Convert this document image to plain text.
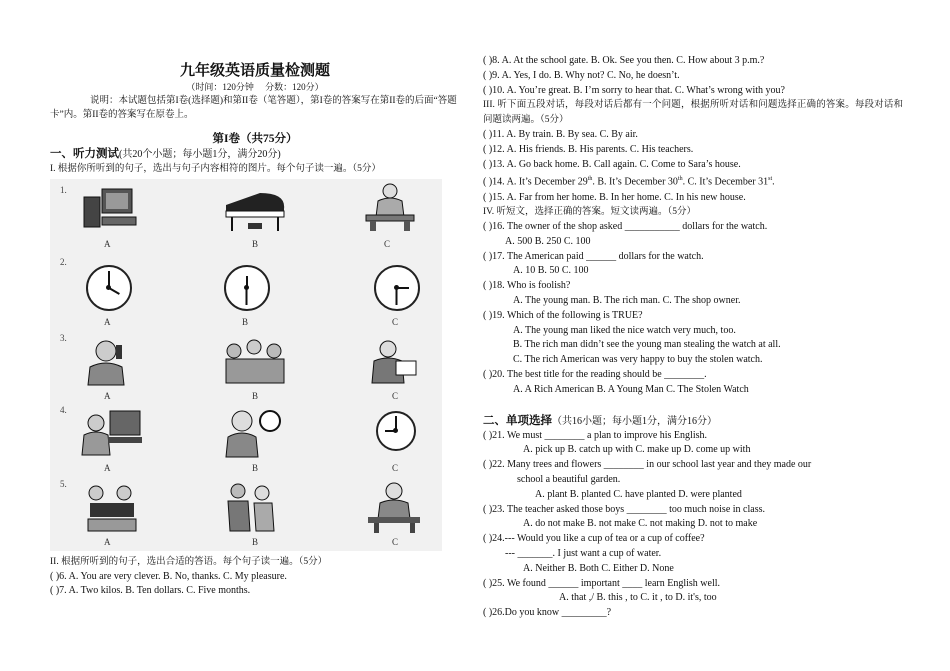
九年级英语质量检测题
（时间：120分钟　 分数：120分）
说明：本试题包括第I卷(选择题)和第II卷（笔答题），第I卷的答案写在第II卷的后面“答题卡”内。第II卷的答案写在原卷上。
第I卷（共75分）
一、听力测试(共20个小题；每小题1分，满分20分)
I. 根据你所听到的句子，选出与句子内容相符的图片。每个句子读一遍。（5分）
1.
2.
3.
4.
5.
A	B	C
A	B	C
A	B	C
A	B	C
A	B	C
II. 根据所听到的句子，选出合适的答语。每个句子读一遍。（5分）
( )6. A. You are very clever. B. No, thanks. C. My pleasure.
( )7. A. Two kilos. B. Ten dollars. C. Five months.
( )8. A. At the school gate. B. Ok. See you then. C. How about 3 p.m.?
( )9. A. Yes, I do. B. Why not? C. No, he doesn’t.
( )10. A. You’re great. B. I’m sorry to hear that. C. What’s wrong with you?
III. 听下面五段对话，每段对话后都有一个问题，根据所听对话和问题选择正确的答案。每段对话和问题读两遍。（5分）
( )11. A. By train. B. By sea. C. By air.
( )12. A. His friends. B. His parents. C. His teachers.
( )13. A. Go back home. B. Call again. C. Come to Sara’s house.
( )14. A. It’s December 29th. B. It’s December 30th. C. It’s December 31st.
( )15. A. Far from her home. B. In her home. C. In his new house.
IV. 听短文，选择正确的答案。短文读两遍。（5分）
( )16. The owner of the shop asked ___________ dollars for the watch.
A. 500 B. 250 C. 100
( )17. The American paid ______ dollars for the watch.
A. 10 B. 50 C. 100
( )18. Who is foolish?
A. The young man. B. The rich man. C. The shop owner.
( )19. Which of the following is TRUE?
A. The young man liked the nice watch very much, too.
B. The rich man didn’t see the young man stealing the watch at all.
C. The rich American was very happy to buy the stolen watch.
( )20. The best title for the reading should be ________.
A. A Rich American B. A Young Man C. The Stolen Watch
二、单项选择（共16小题；每小题1分，满分16分）
( )21. We must ________ a plan to improve his English.
A. pick up B. catch up with C. make up D. come up with
( )22. Many trees and flowers ________ in our school last year and they made our
school a beautiful garden.
A. plant B. planted C. have planted D. were planted
( )23. The teacher asked those boys ________ too much noise in class.
A. do not make B. not make C. not making D. not to make
( )24.--- Would you like a cup of tea or a cup of coffee?
--- _______. I just want a cup of water.
A. Neither B. Both C. Either D. None
( )25. We found ______ important ____ learn English well.
A. that ,/ B. this , to C. it , to D. it's, too
( )26.Do you know _________?
